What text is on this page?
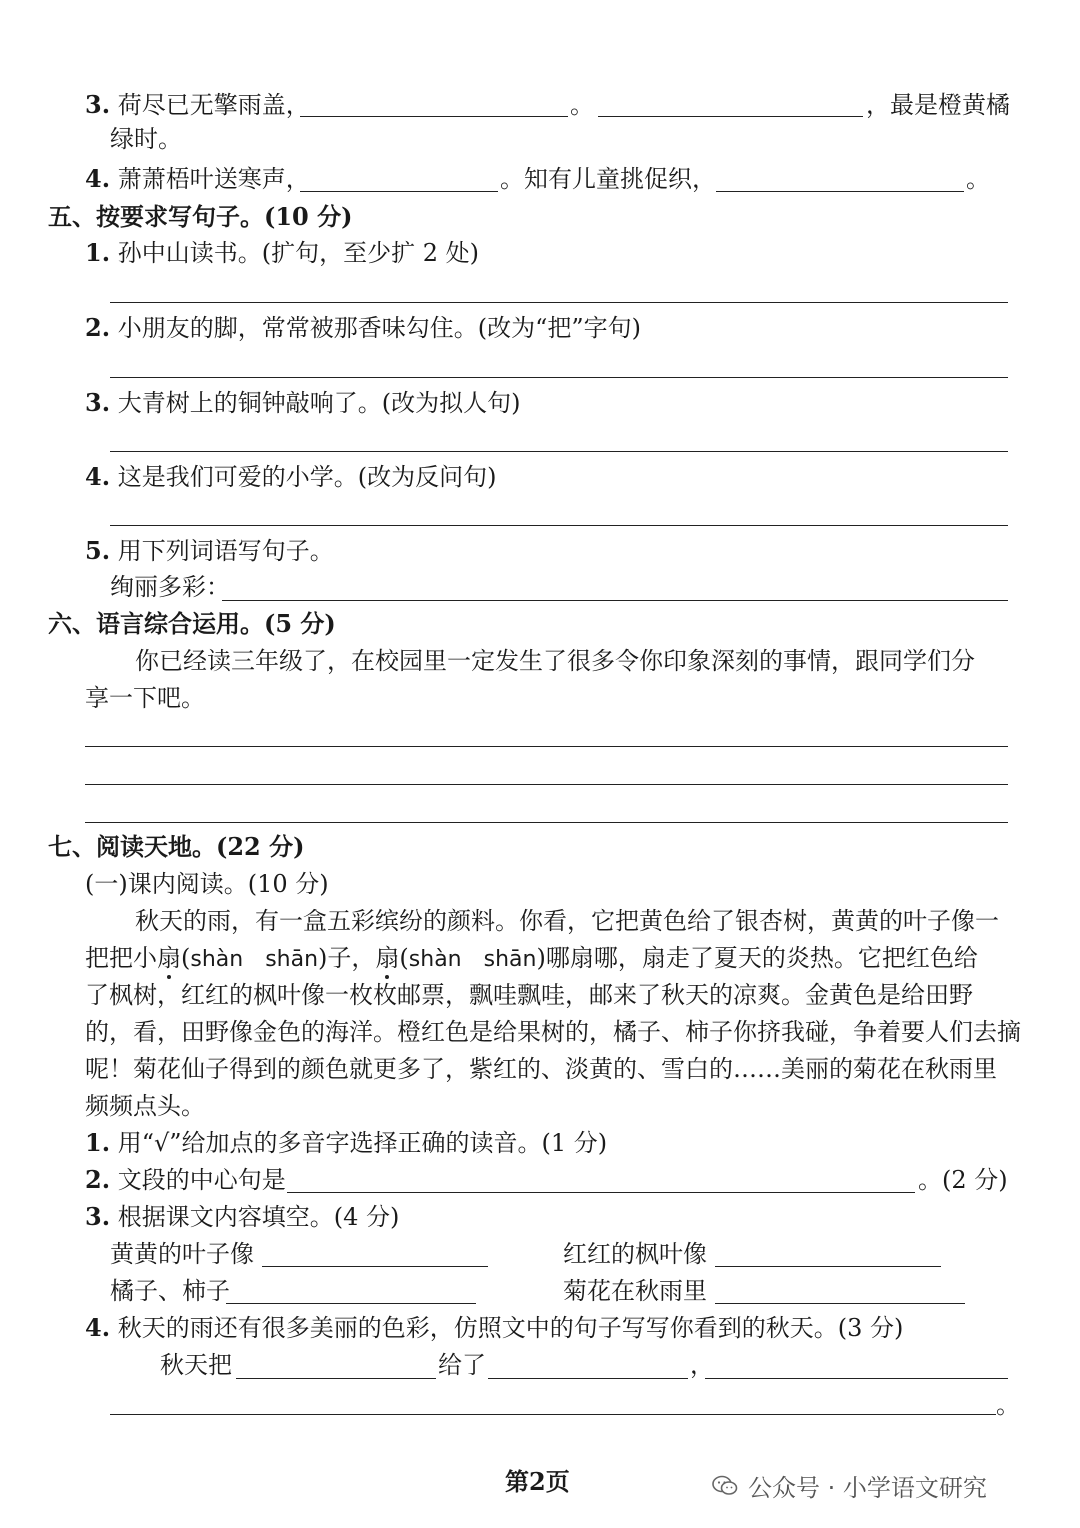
3. 荷尽已无擎雨盖，	。	，最是橙黄橘
绿时。
4. 萧萧梧叶送寒声，	。知有儿童挑促织，	。
五、按要求写句子。(10 分)
1. 孙中山读书。(扩句，至少扩 2 处)
2. 小朋友的脚，常常被那香味勾住。(改为“把”字句)
3. 大青树上的铜钟敲响了。(改为拟人句)
4. 这是我们可爱的小学。(改为反问句)
5. 用下列词语写句子。
绚丽多彩：
六、语言综合运用。(5 分)
你已经读三年级了，在校园里一定发生了很多令你印象深刻的事情，跟同学们分
享一下吧。
七、阅读天地。(22 分)
(一)课内阅读。(10 分)
秋天的雨，有一盒五彩缤纷的颜料。你看，它把黄色给了银杏树，黄黄的叶子像一
把把小扇(shàn　shān)子，扇(shàn　shān)哪扇哪，扇走了夏天的炎热。它把红色给
了枫树，红红的枫叶像一枚枚邮票，飘哇飘哇，邮来了秋天的凉爽。金黄色是给田野
的，看，田野像金色的海洋。橙红色是给果树的，橘子、柿子你挤我碰，争着要人们去摘
呢！菊花仙子得到的颜色就更多了，紫红的、淡黄的、雪白的……美丽的菊花在秋雨里
频频点头。
1. 用“√”给加点的多音字选择正确的读音。(1 分)
2. 文段的中心句是	。(2 分)
3. 根据课文内容填空。(4 分)
黄黄的叶子像	红红的枫叶像
橘子、柿子	菊花在秋雨里
4. 秋天的雨还有很多美丽的色彩，仿照文中的句子写写你看到的秋天。(3 分)
秋天把	给了	，
。
第2页	公众号 · 小学语文研究
